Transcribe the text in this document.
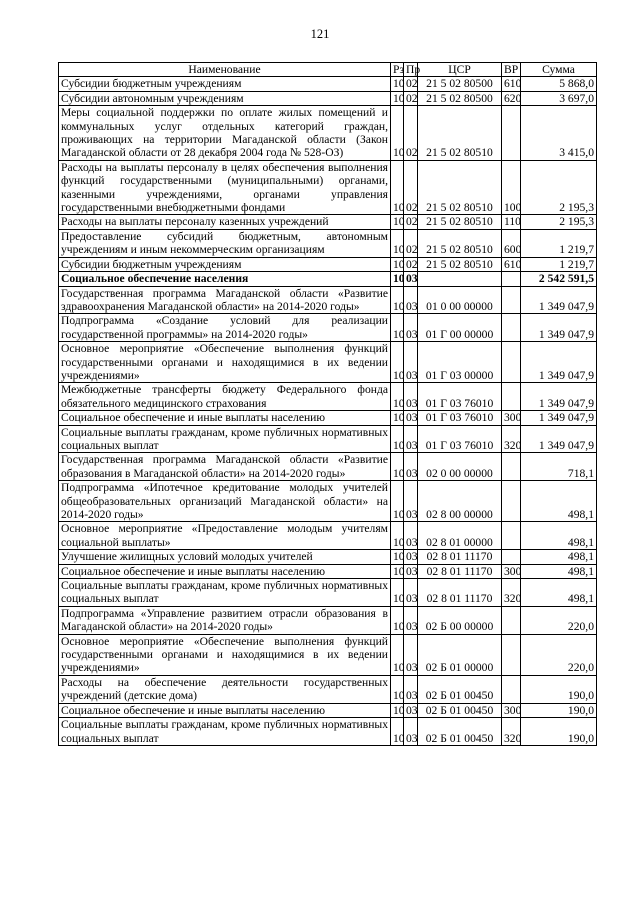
121
Наименование	Рз	Пр	ЦСР	ВР	Сумма
Субсидии бюджетным учреждениям	10	02	21 5 02 80500	610	5 868,0
Субсидии автономным учреждениям	10	02	21 5 02 80500	620	3 697,0
Меры социальной поддержки по оплате жилых помещений и коммунальных услуг отдельных категорий граждан, проживающих на территории Магаданской области (Закон Магаданской области от 28 декабря 2004 года № 528-ОЗ)	10	02	21 5 02 80510		3 415,0
Расходы на выплаты персоналу в целях обеспечения выполнения функций государственными (муниципальными) органами, казенными учреждениями, органами управления государственными внебюджетными фондами	10	02	21 5 02 80510	100	2 195,3
Расходы на выплаты персоналу казенных учреждений	10	02	21 5 02 80510	110	2 195,3
Предоставление субсидий бюджетным, автономным учреждениям и иным некоммерческим организациям	10	02	21 5 02 80510	600	1 219,7
Субсидии бюджетным учреждениям	10	02	21 5 02 80510	610	1 219,7
Социальное обеспечение населения	10	03			2 542 591,5
Государственная программа Магаданской области «Развитие здравоохранения Магаданской области» на 2014-2020 годы»	10	03	01 0 00 00000		1 349 047,9
Подпрограмма «Создание условий для реализации государственной программы» на 2014-2020 годы»	10	03	01 Г 00 00000		1 349 047,9
Основное мероприятие «Обеспечение выполнения функций государственными органами и находящимися в их ведении учреждениями»	10	03	01 Г 03 00000		1 349 047,9
Межбюджетные трансферты бюджету Федерального фонда обязательного медицинского страхования	10	03	01 Г 03 76010		1 349 047,9
Социальное обеспечение и иные выплаты населению	10	03	01 Г 03 76010	300	1 349 047,9
Социальные выплаты гражданам, кроме публичных нормативных социальных выплат	10	03	01 Г 03 76010	320	1 349 047,9
Государственная программа Магаданской области «Развитие образования в Магаданской области» на 2014-2020 годы»	10	03	02 0 00 00000		718,1
Подпрограмма «Ипотечное кредитование молодых учителей общеобразовательных организаций Магаданской области» на 2014-2020 годы»	10	03	02 8 00 00000		498,1
Основное мероприятие «Предоставление молодым учителям социальной выплаты»	10	03	02 8 01 00000		498,1
Улучшение жилищных условий молодых учителей	10	03	02 8 01 11170		498,1
Социальное обеспечение и иные выплаты населению	10	03	02 8 01 11170	300	498,1
Социальные выплаты гражданам, кроме публичных нормативных социальных выплат	10	03	02 8 01 11170	320	498,1
Подпрограмма «Управление развитием отрасли образования в Магаданской области» на 2014-2020 годы»	10	03	02 Б 00 00000		220,0
Основное мероприятие «Обеспечение выполнения функций государственными органами и находящимися в их ведении учреждениями»	10	03	02 Б 01 00000		220,0
Расходы на обеспечение деятельности государственных учреждений (детские дома)	10	03	02 Б 01 00450		190,0
Социальное обеспечение и иные выплаты населению	10	03	02 Б 01 00450	300	190,0
Социальные выплаты гражданам, кроме публичных нормативных социальных выплат	10	03	02 Б 01 00450	320	190,0
